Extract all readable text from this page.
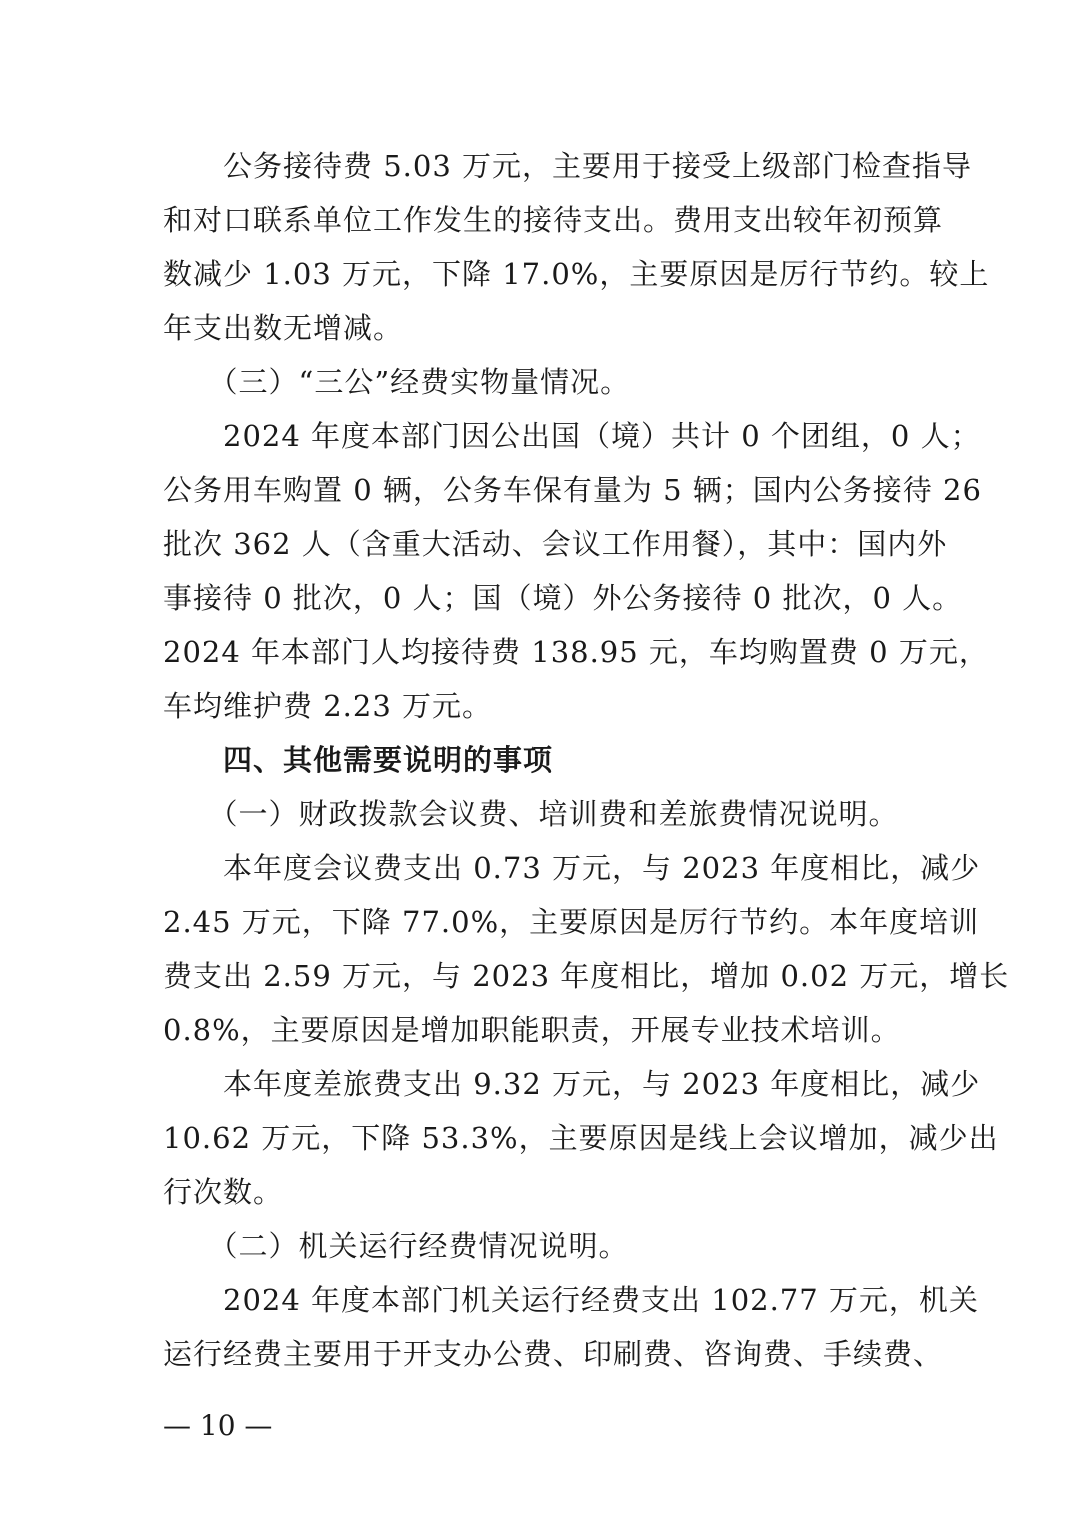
　　公务接待费 5.03 万元，主要用于接受上级部门检查指导
和对口联系单位工作发生的接待支出。费用支出较年初预算
数减少 1.03 万元，下降 17.0%，主要原因是厉行节约。较上
年支出数无增减。
　　（三）“三公”经费实物量情况。
　　2024 年度本部门因公出国（境）共计 0 个团组，0 人；
公务用车购置 0 辆，公务车保有量为 5 辆；国内公务接待 26
批次 362 人（含重大活动、会议工作用餐），其中：国内外
事接待 0 批次，0 人；国（境）外公务接待 0 批次，0 人。
2024 年本部门人均接待费 138.95 元，车均购置费 0 万元，
车均维护费 2.23 万元。
　　四、其他需要说明的事项
　　（一）财政拨款会议费、培训费和差旅费情况说明。
　　本年度会议费支出 0.73 万元，与 2023 年度相比，减少
2.45 万元，下降 77.0%，主要原因是厉行节约。本年度培训
费支出 2.59 万元，与 2023 年度相比，增加 0.02 万元，增长
0.8%，主要原因是增加职能职责，开展专业技术培训。
　　本年度差旅费支出 9.32 万元，与 2023 年度相比，减少
10.62 万元，下降 53.3%，主要原因是线上会议增加，减少出
行次数。
　　（二）机关运行经费情况说明。
　　2024 年度本部门机关运行经费支出 102.77 万元，机关
运行经费主要用于开支办公费、印刷费、咨询费、手续费、
— 10 —
